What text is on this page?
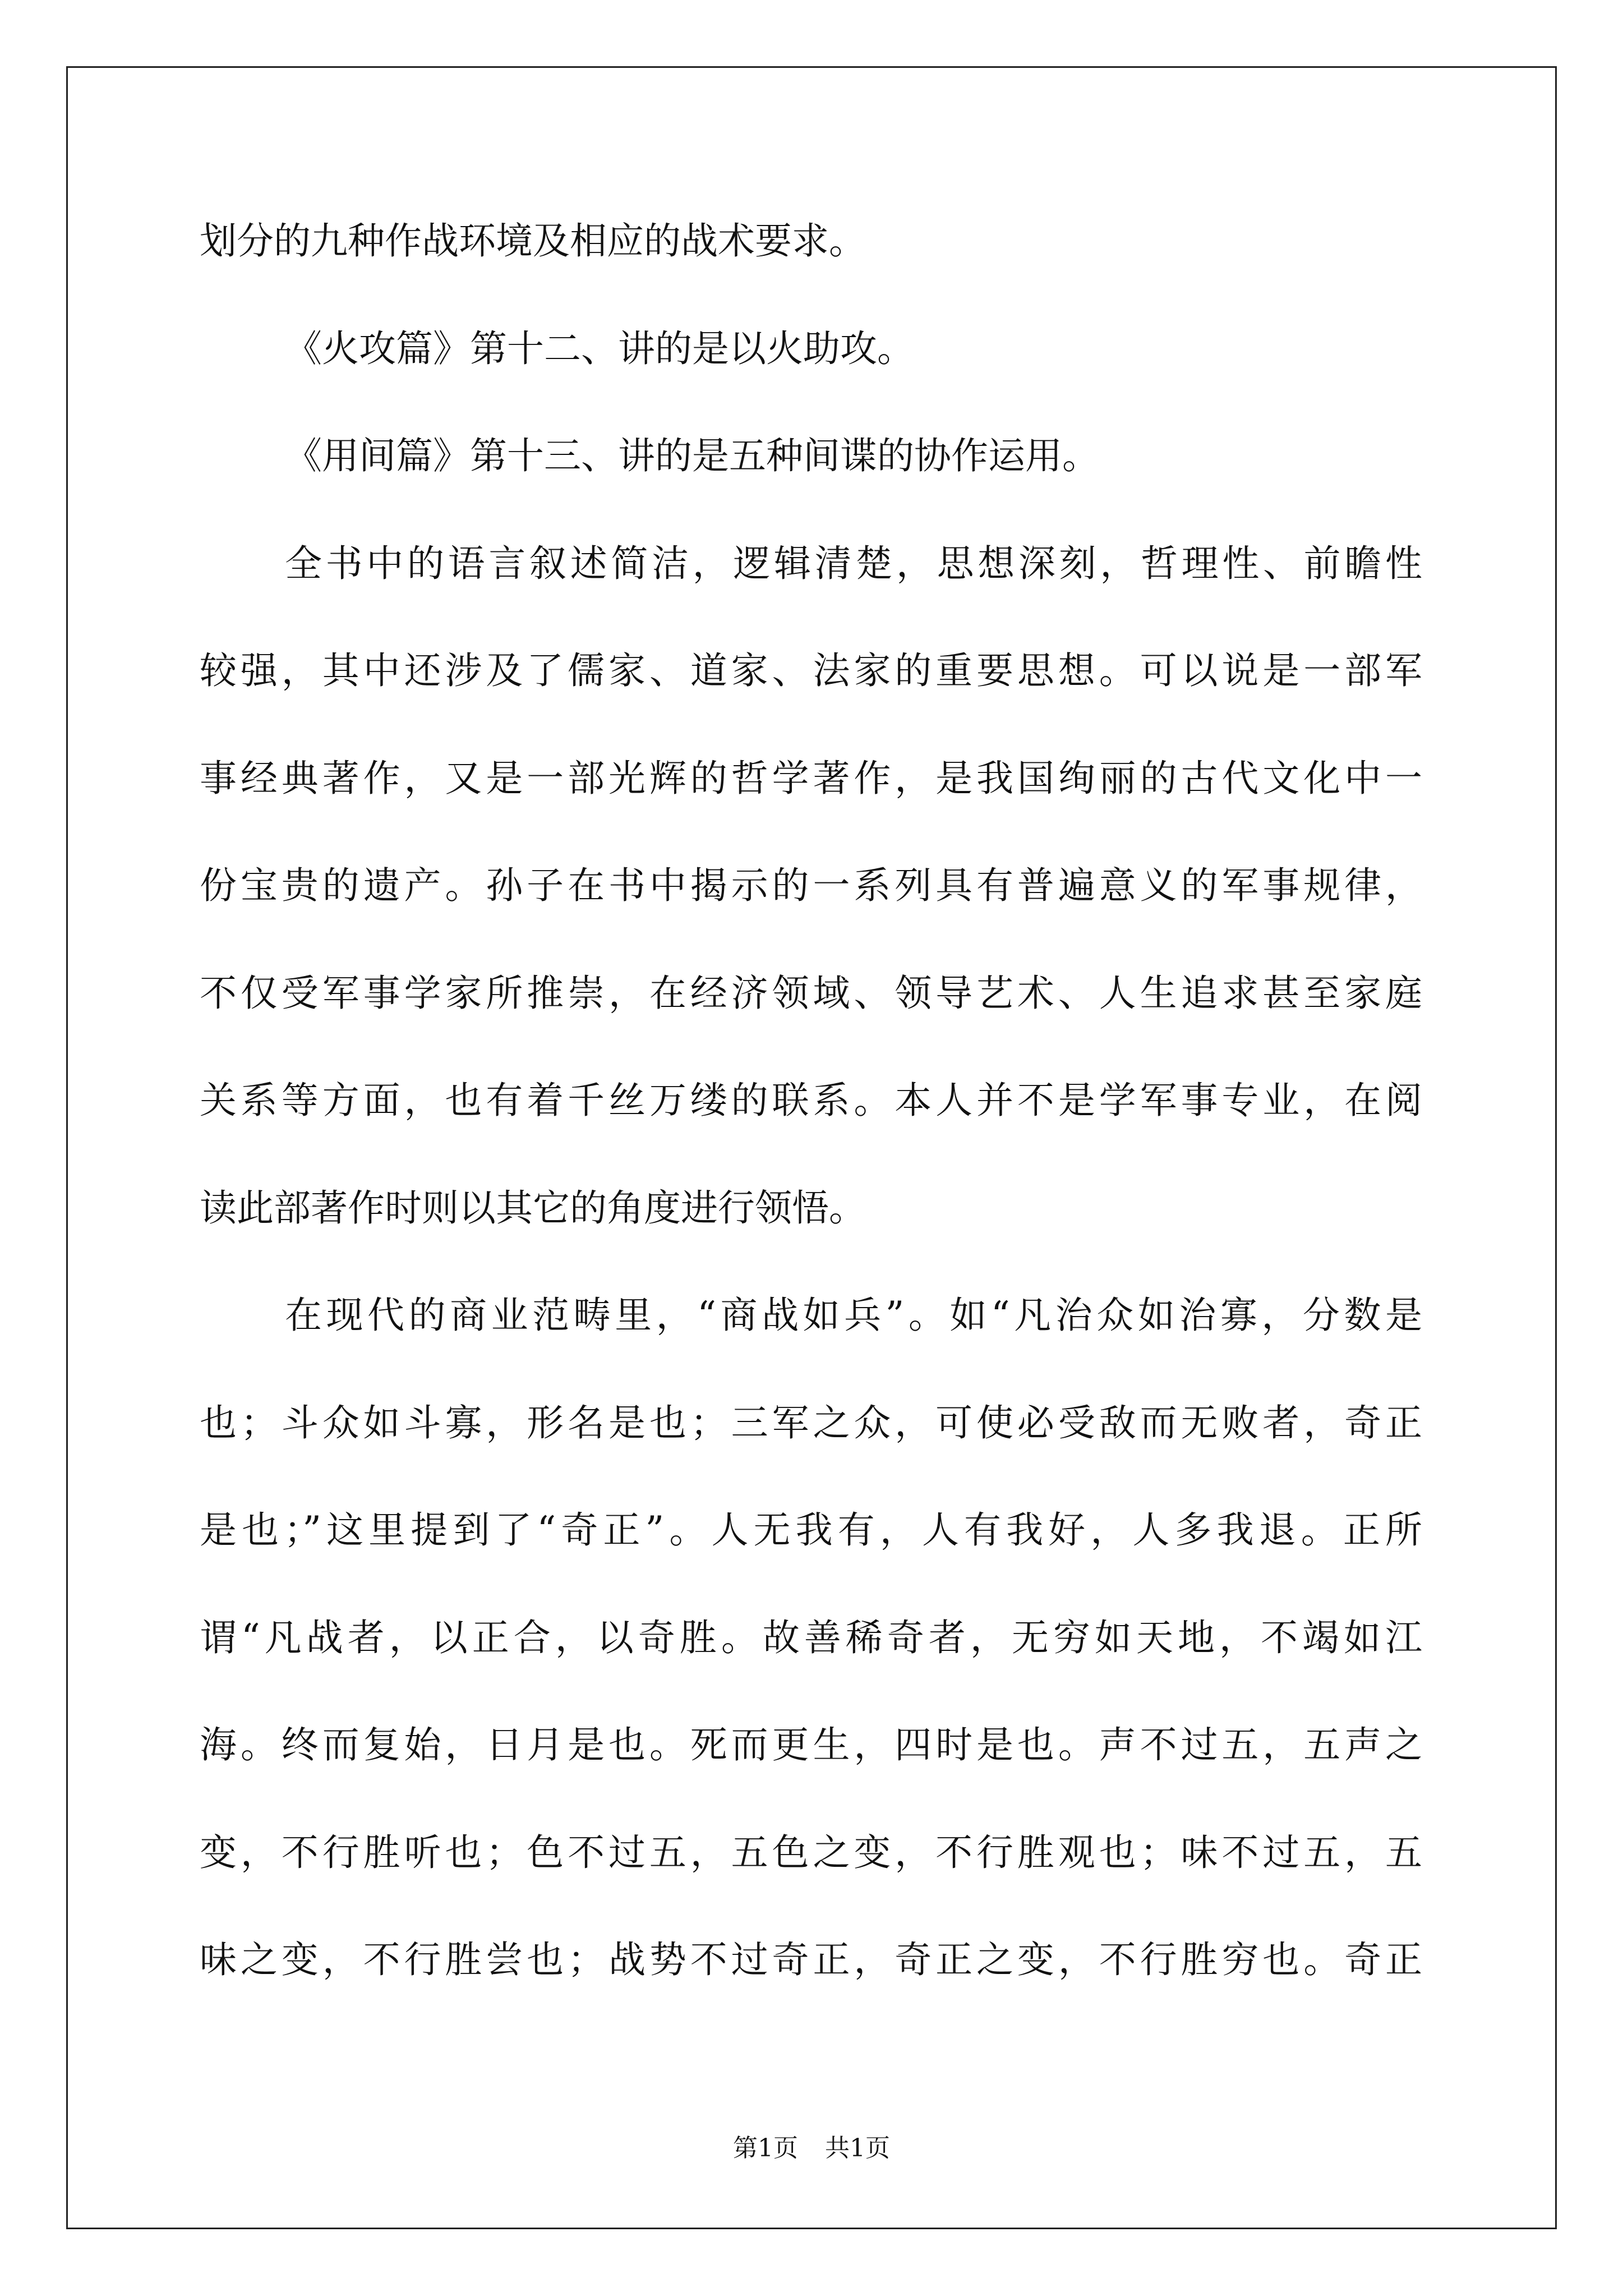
划分的九种作战环境及相应的战术要求。
《火攻篇》第十二、讲的是以火助攻。
《用间篇》第十三、讲的是五种间谍的协作运用。
全书中的语言叙述简洁，逻辑清楚，思想深刻，哲理性、前瞻性
较强，其中还涉及了儒家、道家、法家的重要思想。可以说是一部军
事经典著作，又是一部光辉的哲学著作，是我国绚丽的古代文化中一
份宝贵的遗产。孙子在书中揭示的一系列具有普遍意义的军事规律，
不仅受军事学家所推崇，在经济领域、领导艺术、人生追求甚至家庭
关系等方面，也有着千丝万缕的联系。本人并不是学军事专业，在阅
读此部著作时则以其它的角度进行领悟。
在现代的商业范畴里，“商战如兵”。如“凡治众如治寡，分数是
也；斗众如斗寡，形名是也；三军之众，可使必受敌而无败者，奇正
是也；”这里提到了“奇正”。人无我有，人有我好，人多我退。正所
谓“凡战者，以正合，以奇胜。故善稀奇者，无穷如天地，不竭如江
海。终而复始，日月是也。死而更生，四时是也。声不过五，五声之
变，不行胜听也；色不过五，五色之变，不行胜观也；味不过五，五
味之变，不行胜尝也；战势不过奇正，奇正之变，不行胜穷也。奇正
第1页 共1页
